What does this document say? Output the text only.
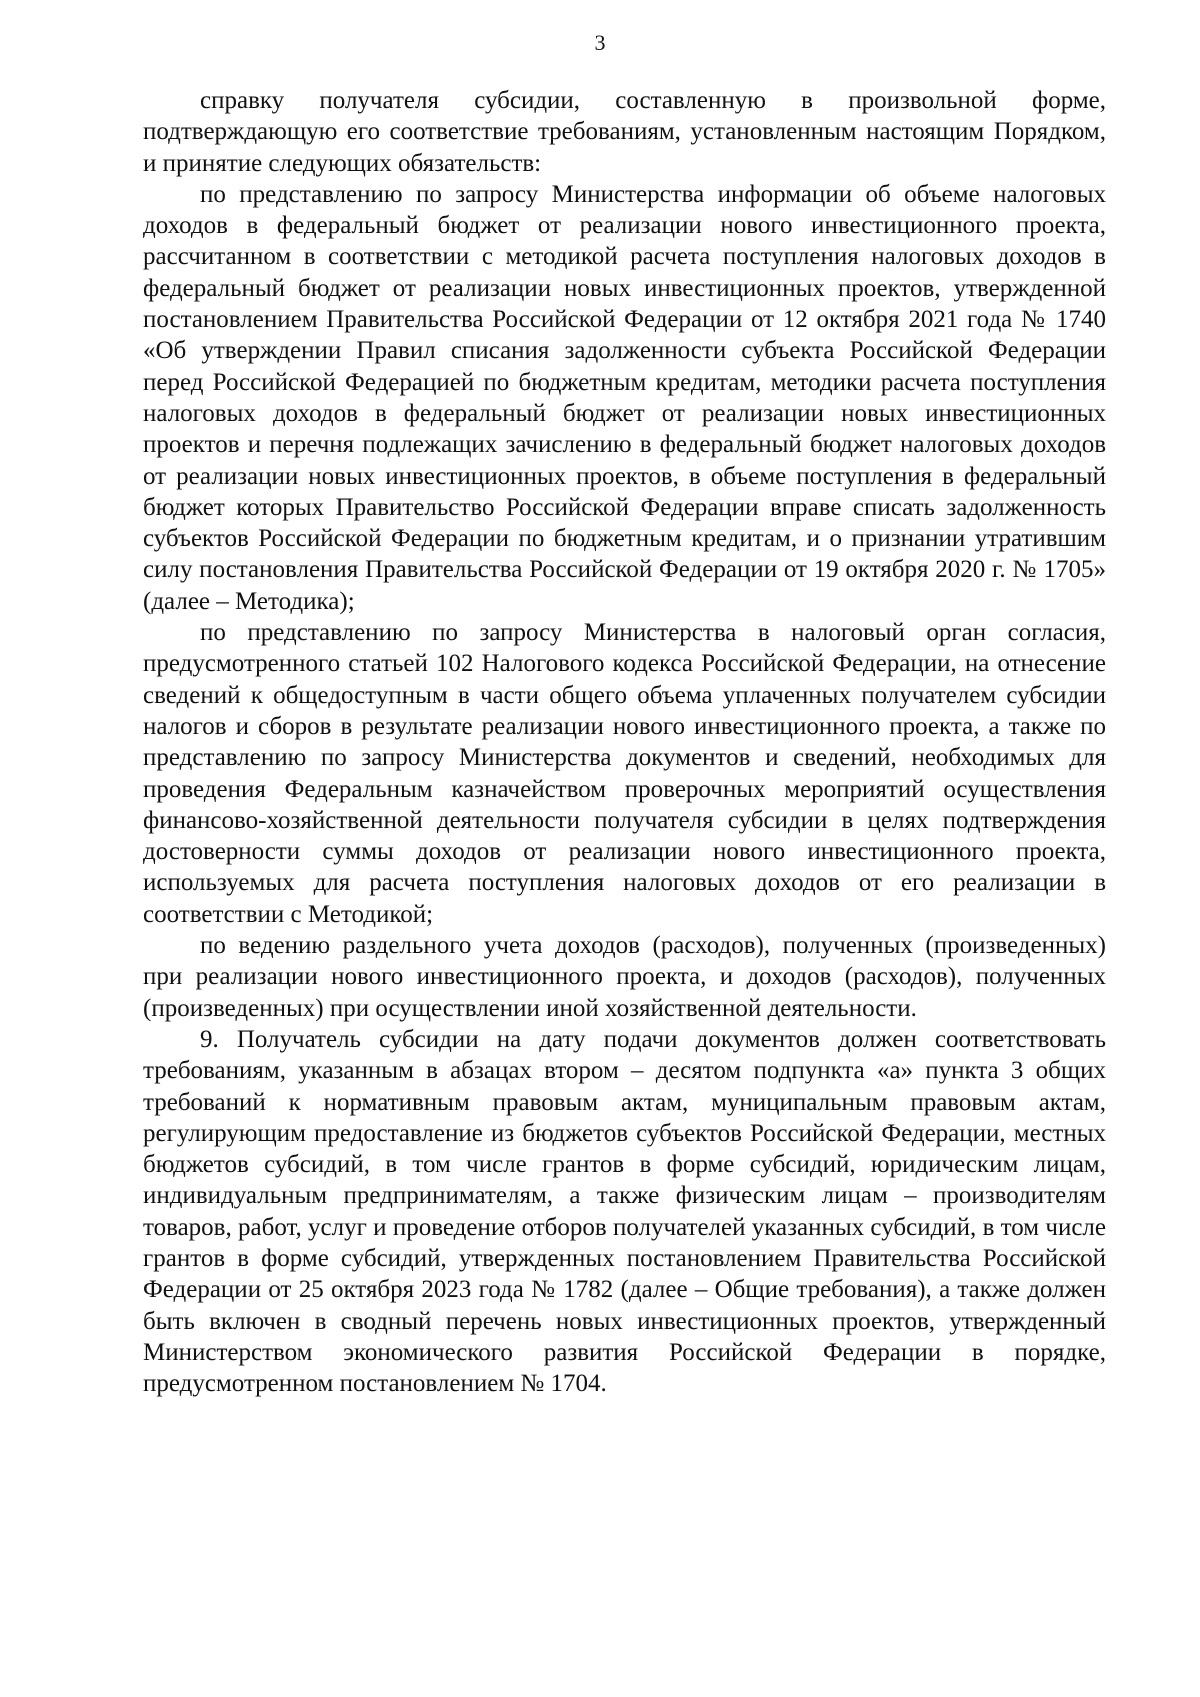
3

справку получателя субсидии, составленную в произвольной форме, подтверждающую его соответствие требованиям, установленным настоящим Порядком, и принятие следующих обязательств:

по представлению по запросу Министерства информации об объеме налоговых доходов в федеральный бюджет от реализации нового инвестиционного проекта, рассчитанном в соответствии с методикой расчета поступления налоговых доходов в федеральный бюджет от реализации новых инвестиционных проектов, утвержденной постановлением Правительства Российской Федерации от 12 октября 2021 года № 1740 «Об утверждении Правил списания задолженности субъекта Российской Федерации перед Российской Федерацией по бюджетным кредитам, методики расчета поступления налоговых доходов в федеральный бюджет от реализации новых инвестиционных проектов и перечня подлежащих зачислению в федеральный бюджет налоговых доходов от реализации новых инвестиционных проектов, в объеме поступления в федеральный бюджет которых Правительство Российской Федерации вправе списать задолженность субъектов Российской Федерации по бюджетным кредитам, и о признании утратившим силу постановления Правительства Российской Федерации от 19 октября 2020 г. № 1705» (далее – Методика);

по представлению по запросу Министерства в налоговый орган согласия, предусмотренного статьей 102 Налогового кодекса Российской Федерации, на отнесение сведений к общедоступным в части общего объема уплаченных получателем субсидии налогов и сборов в результате реализации нового инвестиционного проекта, а также по представлению по запросу Министерства документов и сведений, необходимых для проведения Федеральным казначейством проверочных мероприятий осуществления финансово-хозяйственной деятельности получателя субсидии в целях подтверждения достоверности суммы доходов от реализации нового инвестиционного проекта, используемых для расчета поступления налоговых доходов от его реализации в соответствии с Методикой;

по ведению раздельного учета доходов (расходов), полученных (произведенных) при реализации нового инвестиционного проекта, и доходов (расходов), полученных (произведенных) при осуществлении иной хозяйственной деятельности.

9. Получатель субсидии на дату подачи документов должен соответствовать требованиям, указанным в абзацах втором – десятом подпункта «а» пункта 3 общих требований к нормативным правовым актам, муниципальным правовым актам, регулирующим предоставление из бюджетов субъектов Российской Федерации, местных бюджетов субсидий, в том числе грантов в форме субсидий, юридическим лицам, индивидуальным предпринимателям, а также физическим лицам – производителям товаров, работ, услуг и проведение отборов получателей указанных субсидий, в том числе грантов в форме субсидий, утвержденных постановлением Правительства Российской Федерации от 25 октября 2023 года № 1782 (далее – Общие требования), а также должен быть включен в сводный перечень новых инвестиционных проектов, утвержденный Министерством экономического развития Российской Федерации в порядке, предусмотренном постановлением № 1704.
